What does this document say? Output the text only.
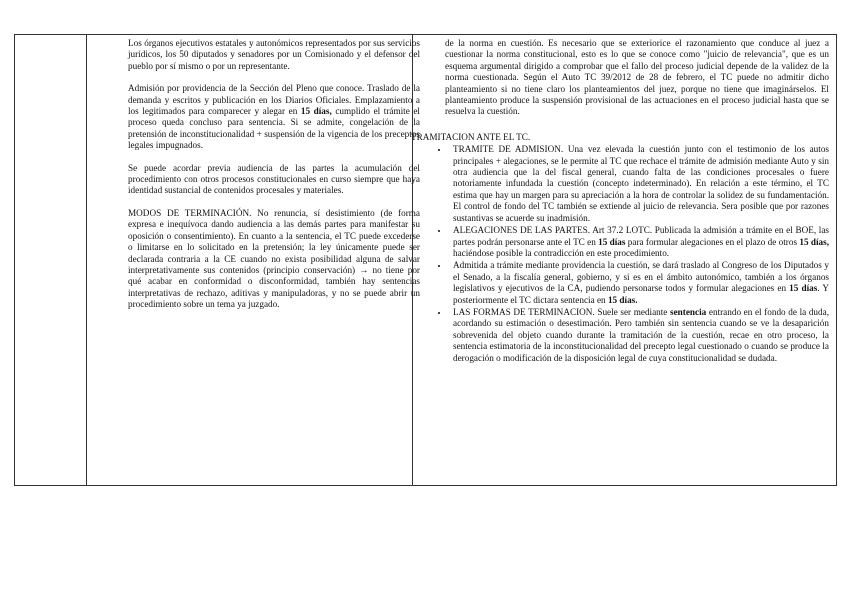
Los órganos ejecutivos estatales y autonómicos representados por sus servicios jurídicos, los 50 diputados y senadores por un Comisionado y el defensor del pueblo por sí mismo o por un representante.

Admisión por providencia de la Sección del Pleno que conoce. Traslado de la demanda y escritos y publicación en los Diarios Oficiales. Emplazamiento a los legitimados para comparecer y alegar en 15 días, cumplido el trámite el proceso queda concluso para sentencia. Si se admite, congelación de la pretensión de inconstitucionalidad + suspensión de la vigencia de los preceptos legales impugnados.

Se puede acordar previa audiencia de las partes la acumulación del procedimiento con otros procesos constitucionales en curso siempre que haya identidad sustancial de contenidos procesales y materiales.

MODOS DE TERMINACIÓN. No renuncia, sí desistimiento (de forma expresa e inequívoca dando audiencia a las demás partes para manifestar su oposición o consentimiento). En cuanto a la sentencia, el TC puede excederse o limitarse en lo solicitado en la pretensión; la ley únicamente puede ser declarada contraria a la CE cuando no exista posibilidad alguna de salvar interpretativamente sus contenidos (principio conservación) → no tiene por qué acabar en conformidad o disconformidad, también hay sentencias interpretativas de rechazo, aditivas y manipuladoras, y no se puede abrir un procedimiento sobre un tema ya juzgado.

de la norma en cuestión. Es necesario que se exteriorice el razonamiento que conduce al juez a cuestionar la norma constitucional, esto es lo que se conoce como "juicio de relevancia", que es un esquema argumental dirigido a comprobar que el fallo del proceso judicial depende de la validez de la norma cuestionada. Según el Auto TC 39/2012 de 28 de febrero, el TC puede no admitir dicho planteamiento si no tiene claro los planteamientos del juez, porque no tiene que imaginárselos. El planteamiento produce la suspensión provisional de las actuaciones en el proceso judicial hasta que se resuelva la cuestión.
TRAMITACION ANTE EL TC.
• TRAMITE DE ADMISION. Una vez elevada la cuestión junto con el testimonio de los autos principales + alegaciones, se le permite al TC que rechace el trámite de admisión mediante Auto y sin otra audiencia que la del fiscal general, cuando falta de las condiciones procesales o fuere notoriamente infundada la cuestión (concepto indeterminado). En relación a este término, el TC estima que hay un margen para su apreciación a la hora de controlar la solidez de su fundamentación. El control de fondo del TC también se extiende al juicio de relevancia. Sera posible que por razones sustantivas se acuerde su inadmisión.
• ALEGACIONES DE LAS PARTES. Art 37.2 LOTC. Publicada la admisión a trámite en el BOE, las partes podrán personarse ante el TC en 15 días para formular alegaciones en el plazo de otros 15 días, haciéndose posible la contradicción en este procedimiento.
• Admitida a trámite mediante providencia la cuestión, se dará traslado al Congreso de los Diputados y el Senado, a la fiscalía general, gobierno, y si es en el ámbito autonómico, también a los órganos legislativos y ejecutivos de la CA, pudiendo personarse todos y formular alegaciones en 15 días. Y posteriormente el TC dictara sentencia en 15 días.
• LAS FORMAS DE TERMINACION. Suele ser mediante sentencia entrando en el fondo de la duda, acordando su estimación o desestimación. Pero también sin sentencia cuando se ve la desaparición sobrevenida del objeto cuando durante la tramitación de la cuestión, recae en otro proceso, la sentencia estimatoria de la inconstitucionalidad del precepto legal cuestionado o cuando se produce la derogación o modificación de la disposición legal de cuya constitucionalidad se dudada.
